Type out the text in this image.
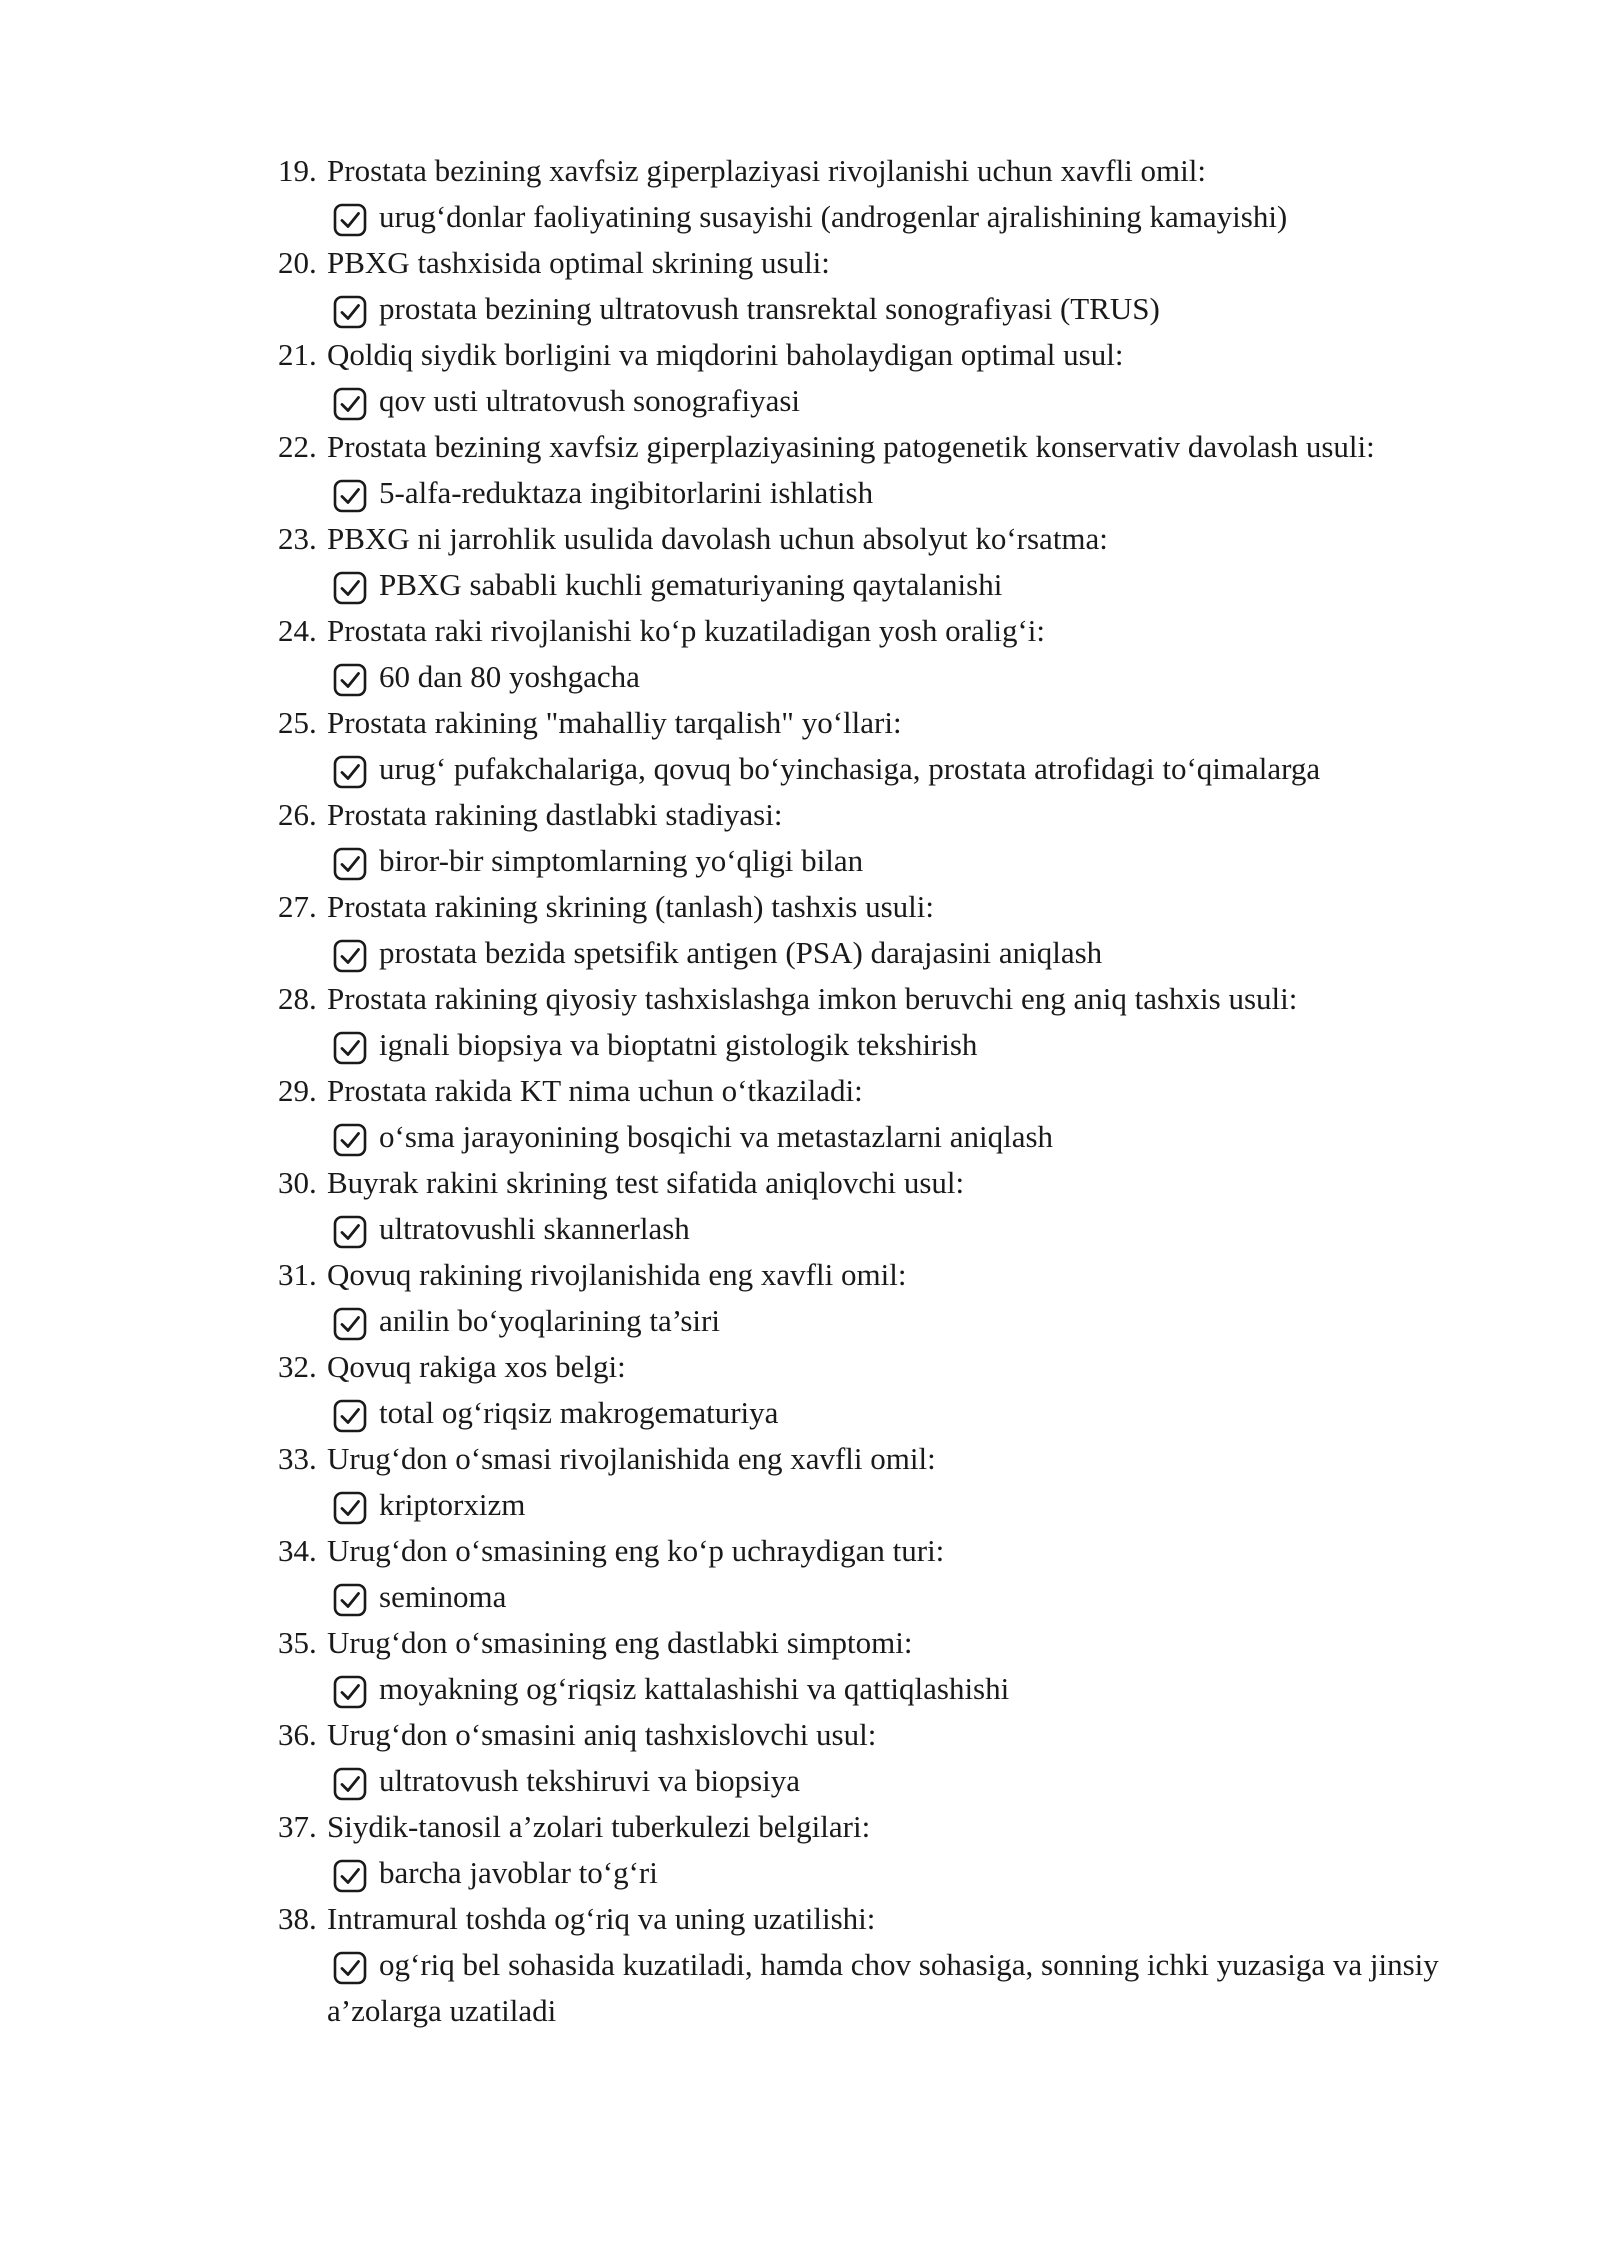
19. Prostata bezining xavfsiz giperplaziyasi rivojlanishi uchun xavfli omil:
urug‘donlar faoliyatining susayishi (androgenlar ajralishining kamayishi)
20. PBXG tashxisida optimal skrining usuli:
prostata bezining ultratovush transrektal sonografiyasi (TRUS)
21. Qoldiq siydik borligini va miqdorini baholaydigan optimal usul:
qov usti ultratovush sonografiyasi
22. Prostata bezining xavfsiz giperplaziyasining patogenetik konservativ davolash usuli:
5-alfa-reduktaza ingibitorlarini ishlatish
23. PBXG ni jarrohlik usulida davolash uchun absolyut ko‘rsatma:
PBXG sababli kuchli gematuriyaning qaytalanishi
24. Prostata raki rivojlanishi ko‘p kuzatiladigan yosh oralig‘i:
60 dan 80 yoshgacha
25. Prostata rakining "mahalliy tarqalish" yo‘llari:
urug‘ pufakchalariga, qovuq bo‘yinchasiga, prostata atrofidagi to‘qimalarga
26. Prostata rakining dastlabki stadiyasi:
biror-bir simptomlarning yo‘qligi bilan
27. Prostata rakining skrining (tanlash) tashxis usuli:
prostata bezida spetsifik antigen (PSA) darajasini aniqlash
28. Prostata rakining qiyosiy tashxislashga imkon beruvchi eng aniq tashxis usuli:
ignali biopsiya va bioptatni gistologik tekshirish
29. Prostata rakida KT nima uchun o‘tkaziladi:
o‘sma jarayonining bosqichi va metastazlarni aniqlash
30. Buyrak rakini skrining test sifatida aniqlovchi usul:
ultratovushli skannerlash
31. Qovuq rakining rivojlanishida eng xavfli omil:
anilin bo‘yoqlarining ta’siri
32. Qovuq rakiga xos belgi:
total og‘riqsiz makrogematuriya
33. Urug‘don o‘smasi rivojlanishida eng xavfli omil:
kriptorxizm
34. Urug‘don o‘smasining eng ko‘p uchraydigan turi:
seminoma
35. Urug‘don o‘smasining eng dastlabki simptomi:
moyakning og‘riqsiz kattalashishi va qattiqlashishi
36. Urug‘don o‘smasini aniq tashxislovchi usul:
ultratovush tekshiruvi va biopsiya
37. Siydik-tanosil a’zolari tuberkulezi belgilari:
barcha javoblar to‘g‘ri
38. Intramural toshda og‘riq va uning uzatilishi:
og‘riq bel sohasida kuzatiladi, hamda chov sohasiga, sonning ichki yuzasiga va jinsiy a’zolarga uzatiladi
